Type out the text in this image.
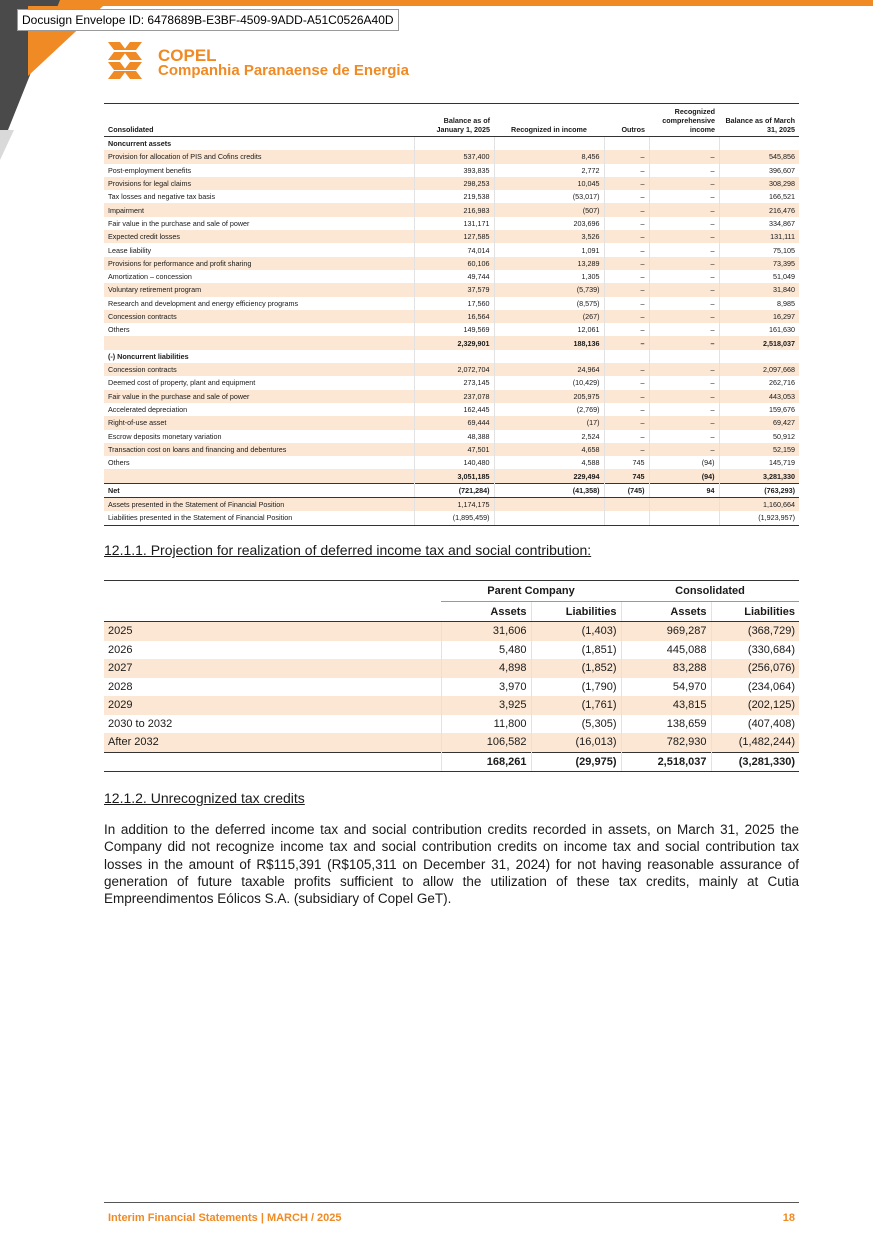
Docusign Envelope ID: 6478689B-E3BF-4509-9ADD-A51C0526A40D
COPEL
Companhia Paranaense de Energia
Consolidated	Balance as of January 1, 2025	Recognized in income	Outros	Recognized comprehensive income	Balance as of March 31, 2025
Noncurrent assets					
Provision for allocation of PIS and Cofins credits	537,400	8,456	–	–	545,856
Post-employment benefits	393,835	2,772	–	–	396,607
Provisions for legal claims	298,253	10,045	–	–	308,298
Tax losses and negative tax basis	219,538	(53,017)	–	–	166,521
Impairment	216,983	(507)	–	–	216,476
Fair value in the purchase and sale of power	131,171	203,696	–	–	334,867
Expected credit losses	127,585	3,526	–	–	131,111
Lease liability	74,014	1,091	–	–	75,105
Provisions for performance and profit sharing	60,106	13,289	–	–	73,395
Amortization – concession	49,744	1,305	–	–	51,049
Voluntary retirement program	37,579	(5,739)	–	–	31,840
Research and development and energy efficiency programs	17,560	(8,575)	–	–	8,985
Concession contracts	16,564	(267)	–	–	16,297
Others	149,569	12,061	–	–	161,630
	2,329,901	188,136	–	–	2,518,037
(-) Noncurrent liabilities					
Concession contracts	2,072,704	24,964	–	–	2,097,668
Deemed cost of property, plant and equipment	273,145	(10,429)	–	–	262,716
Fair value in the purchase and sale of power	237,078	205,975	–	–	443,053
Accelerated depreciation	162,445	(2,769)	–	–	159,676
Right-of-use asset	69,444	(17)	–	–	69,427
Escrow deposits monetary variation	48,388	2,524	–	–	50,912
Transaction cost on loans and financing and debentures	47,501	4,658	–	–	52,159
Others	140,480	4,588	745	(94)	145,719
	3,051,185	229,494	745	(94)	3,281,330
Net	(721,284)	(41,358)	(745)	94	(763,293)
Assets presented in the Statement of Financial Position	1,174,175				1,160,664
Liabilities presented in the Statement of Financial Position	(1,895,459)				(1,923,957)
12.1.1. Projection for realization of deferred income tax and social contribution:
	Parent Company		Consolidated	
	Assets	Liabilities	Assets	Liabilities
2025	31,606	(1,403)	969,287	(368,729)
2026	5,480	(1,851)	445,088	(330,684)
2027	4,898	(1,852)	83,288	(256,076)
2028	3,970	(1,790)	54,970	(234,064)
2029	3,925	(1,761)	43,815	(202,125)
2030 to 2032	11,800	(5,305)	138,659	(407,408)
After 2032	106,582	(16,013)	782,930	(1,482,244)
	168,261	(29,975)	2,518,037	(3,281,330)
12.1.2. Unrecognized tax credits
In addition to the deferred income tax and social contribution credits recorded in assets, on March 31, 2025 the Company did not recognize income tax and social contribution credits on income tax and social contribution tax losses in the amount of R$115,391 (R$105,311 on December 31, 2024) for not having reasonable assurance of generation of future taxable profits sufficient to allow the utilization of these tax credits, mainly at Cutia Empreendimentos Eólicos S.A. (subsidiary of Copel GeT).
Interim Financial Statements | MARCH / 2025	18
